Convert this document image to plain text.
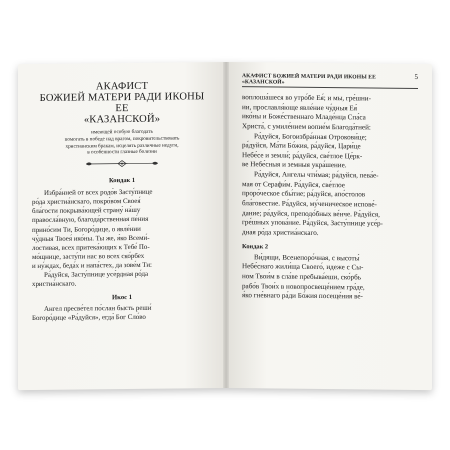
АКАФИСТ
БОЖИЕЙ МАТЕРИ РАДИ ИКОНЫ ЕЕ
«КАЗАНСКОЙ»
имеющей особую благодать
помогать в победе над врагом, покровительствовать
христианским бракам, исцелять различные недуги,
в особенности глазные болезни
Кондак 1
Избра́нней от всех родо́в Засту́пнице
ро́да христиа́нскаго, покро́вом Своея́
бла́гости покрыва́ющей страну́ на́шу
правосла́вную, благода́рственная пе́ния
прино́сим Ти, Богоро́дице, о явле́нии
чу́дныя Твоея́ ико́ны. Ты же, я́ко Всеми́-
лостивая, всех притека́ющих к Тебе́ По-
мо́щнице, засту́пи нас во всех ско́рбех
и ну́ждах, беда́х и напа́стех, да зове́м Ти:
Ра́дуйся, Засту́пнице усе́рдная ро́да
христиа́нскаго.
Икос 1
Ангел пресве́тел по́слан бысть реши́
Богоро́дице «Ра́дуйся», егда́ Бог Сло́во
АКАФИСТ БОЖИЕЙ МАТЕРИ РАДИ ИКОНЫ ЕЕ «КАЗАНСКОЙ»
5
воплоша́шеся во утро́бе Ея́; и мы, гре́шни-
ии, прославля́юще явле́ние чу́дныя Ея́
ико́ны и Боже́ственнаго Младе́нца Спа́са
Христа́, с умиле́нием вопие́м Благода́тней:
Ра́дуйся, Богоизбра́нная Отрокови́це;
ра́дуйся, Ма́ти Бо́жия, ра́дуйся, Цари́це
Небе́се и земли́; ра́дуйся, све́тлое Це́рк-
ве Небе́сныя и земныя укра́шение.
Ра́дуйся, Ангелы чти́мая; ра́дуйся, пева́е-
мая от Серафи́м. Ра́дуйся, све́тлое
проро́ческое сбы́тие; ра́дуйся, апо́столов
бла́говестие. Ра́дуйся, му́ченическое испове́-
дание; ра́дуйся, преподо́бных ве́нче. Ра́дуйся,
гре́шных упова́ние. Ра́дуйся, Засту́пнице усе́р-
дная ро́да христиа́нскаго.
Кондак 2
Ви́дящи, Всенепоро́чная, с высоты́
Небе́снаго жили́ща Своего́, идеже с Сы-
ном Твои́м в сла́ве пребыва́еши, ско́рбь
рабо́в Твои́х в новопросвеще́нием гра́де,
я́ко гне́внаго ра́ди Бо́жия посеще́ния ве́-
